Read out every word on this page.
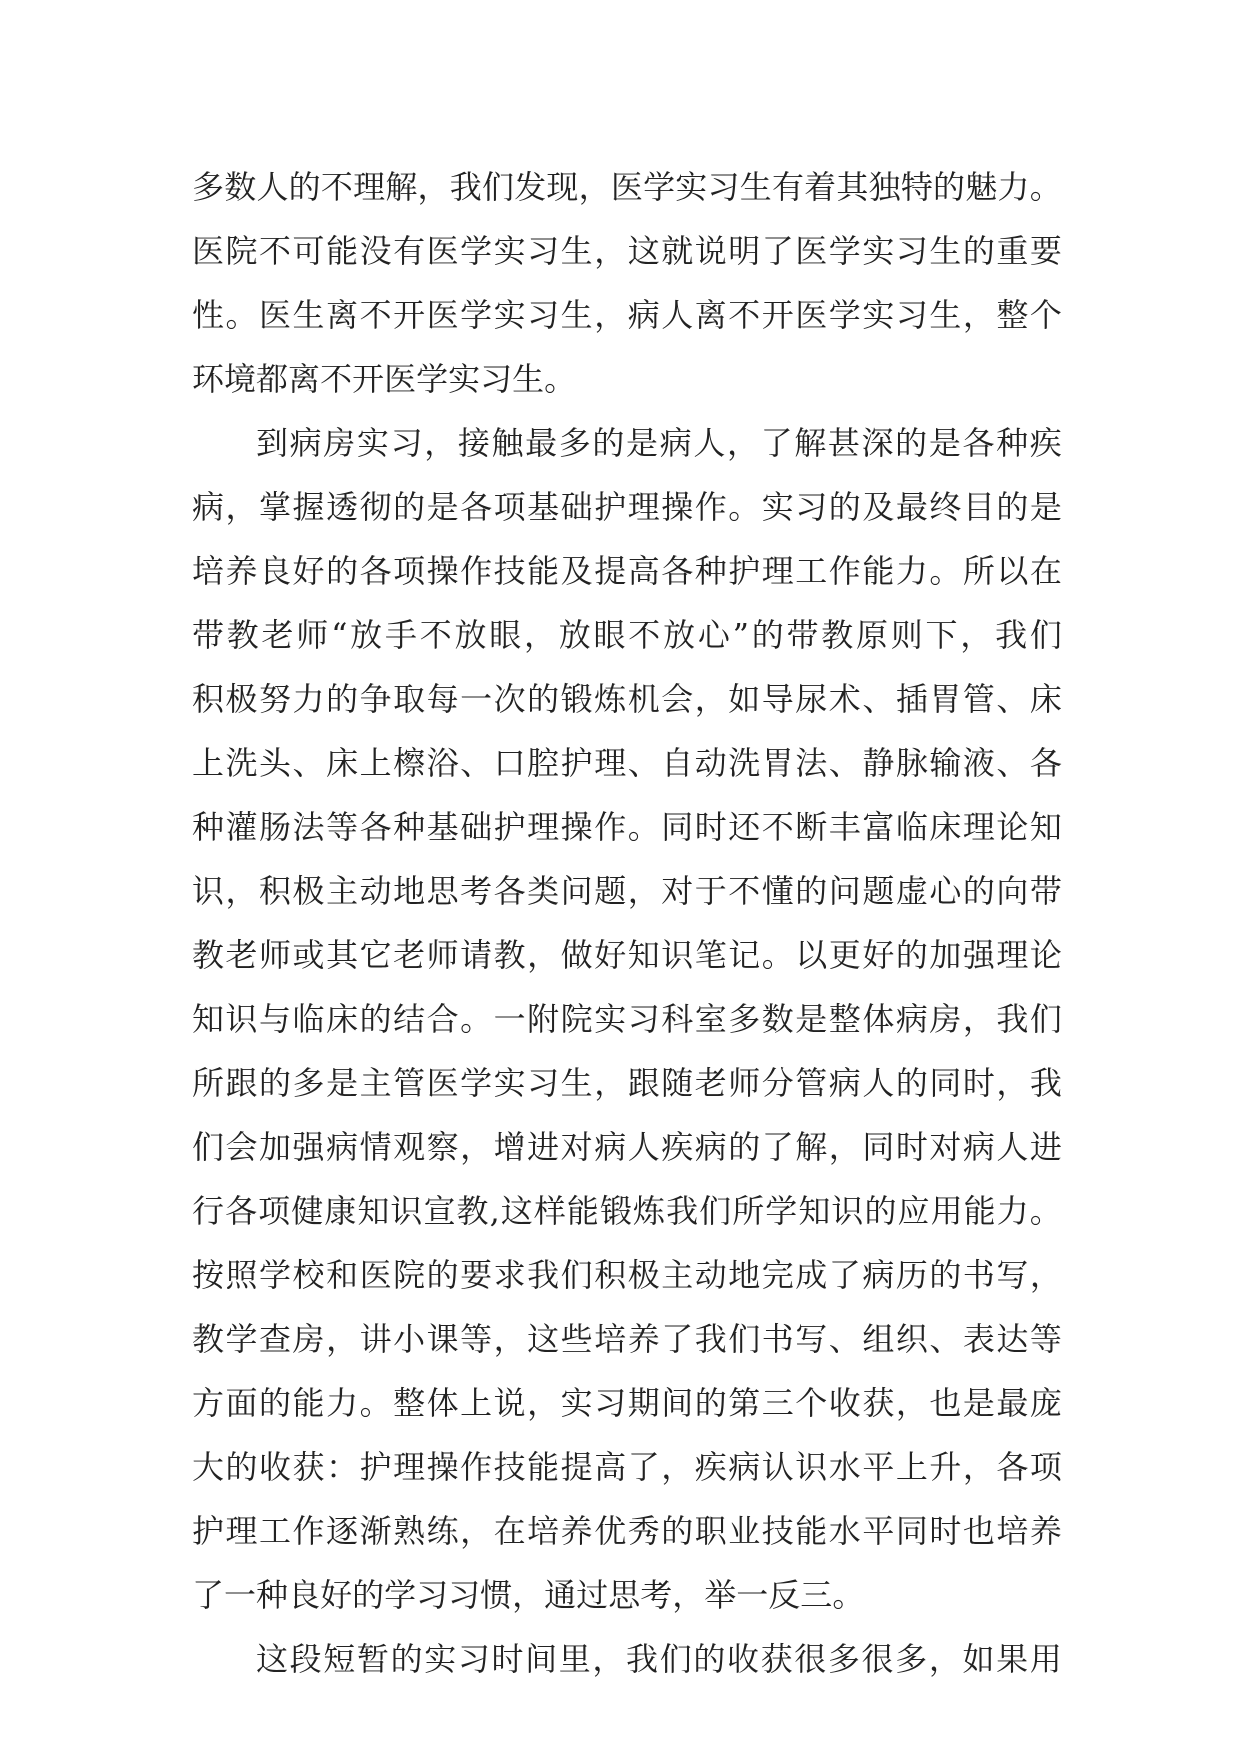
多 数 人 的 不 理 解 ， 我 们 发 现 ， 医 学 实 习 生 有 着 其 独 特 的 魅 力 。
医 院 不 可 能 没 有 医 学 实 习 生 ， 这 就 说 明 了 医 学 实 习 生 的 重 要
性 。 医 生 离 不 开 医 学 实 习 生 ， 病 人 离 不 开 医 学 实 习 生 ， 整 个
环 境 都 离 不 开 医 学 实 习 生 。
到 病 房 实 习 ， 接 触 最 多 的 是 病 人 ， 了 解 甚 深 的 是 各 种 疾
病 ， 掌 握 透 彻 的 是 各 项 基 础 护 理 操 作 。 实 习 的 及 最 终 目 的 是
培 养 良 好 的 各 项 操 作 技 能 及 提 高 各 种 护 理 工 作 能 力 。 所 以 在
带 教 老 师 “ 放 手 不 放 眼 ， 放 眼 不 放 心 ” 的 带 教 原 则 下 ， 我 们
积 极 努 力 的 争 取 每 一 次 的 锻 炼 机 会 ， 如 导 尿 术 、 插 胃 管 、 床
上 洗 头 、 床 上 檫 浴 、 口 腔 护 理 、 自 动 洗 胃 法 、 静 脉 输 液 、 各
种 灌 肠 法 等 各 种 基 础 护 理 操 作 。 同 时 还 不 断 丰 富 临 床 理 论 知
识 ， 积 极 主 动 地 思 考 各 类 问 题 ， 对 于 不 懂 的 问 题 虚 心 的 向 带
教 老 师 或 其 它 老 师 请 教 ， 做 好 知 识 笔 记 。 以 更 好 的 加 强 理 论
知 识 与 临 床 的 结 合 。 一 附 院 实 习 科 室 多 数 是 整 体 病 房 ， 我 们
所 跟 的 多 是 主 管 医 学 实 习 生 ， 跟 随 老 师 分 管 病 人 的 同 时 ， 我
们 会 加 强 病 情 观 察 ， 增 进 对 病 人 疾 病 的 了 解 ， 同 时 对 病 人 进
行 各 项 健 康 知 识 宣 教 , 这 样 能 锻 炼 我 们 所 学 知 识 的 应 用 能 力 。
按 照 学 校 和 医 院 的 要 求 我 们 积 极 主 动 地 完 成 了 病 历 的 书 写 ，
教 学 查 房 ， 讲 小 课 等 ， 这 些 培 养 了 我 们 书 写 、 组 织 、 表 达 等
方 面 的 能 力 。 整 体 上 说 ， 实 习 期 间 的 第 三 个 收 获 ， 也 是 最 庞
大 的 收 获 ： 护 理 操 作 技 能 提 高 了 ， 疾 病 认 识 水 平 上 升 ， 各 项
护 理 工 作 逐 渐 熟 练 ， 在 培 养 优 秀 的 职 业 技 能 水 平 同 时 也 培 养
了 一 种 良 好 的 学 习 习 惯 ， 通 过 思 考 ， 举 一 反 三 。
这 段 短 暂 的 实 习 时 间 里 ， 我 们 的 收 获 很 多 很 多 ， 如 果 用
